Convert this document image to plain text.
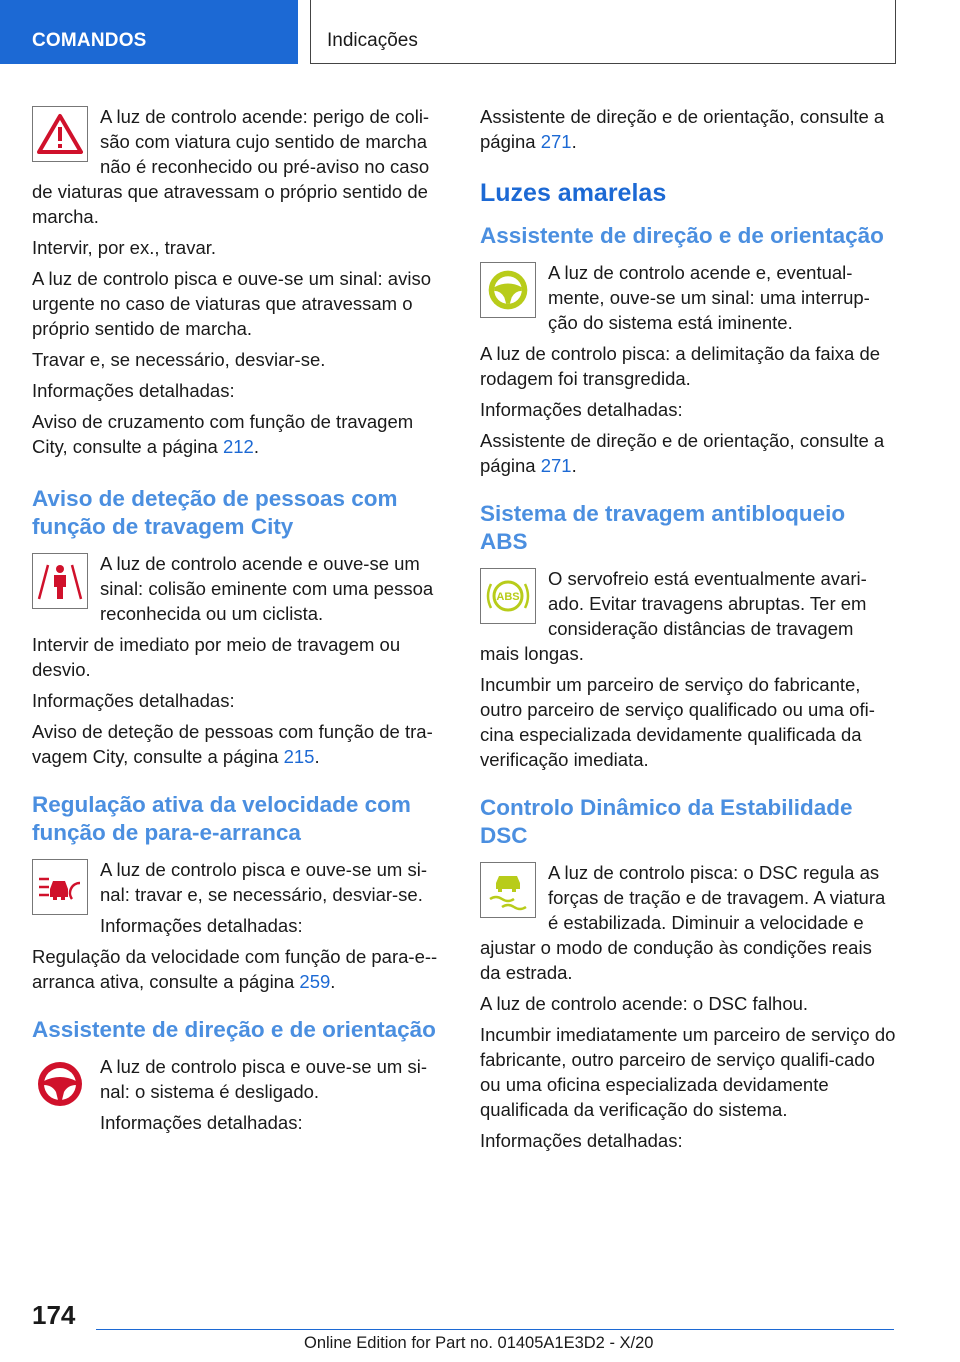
COMANDOS	Indicações

A luz de controlo acende: perigo de coli-são com viatura cujo sentido de marcha não é reconhecido ou pré-aviso no caso de viaturas que atravessam o próprio sentido de marcha.

Intervir, por ex., travar.

A luz de controlo pisca e ouve-se um sinal: aviso urgente no caso de viaturas que atravessam o próprio sentido de marcha.

Travar e, se necessário, desviar-se.

Informações detalhadas:

Aviso de cruzamento com função de travagem City, consulte a página 212.

Aviso de deteção de pessoas com função de travagem City

A luz de controlo acende e ouve-se um sinal: colisão eminente com uma pessoa reconhecida ou um ciclista.

Intervir de imediato por meio de travagem ou desvio.

Informações detalhadas:

Aviso de deteção de pessoas com função de tra-vagem City, consulte a página 215.

Regulação ativa da velocidade com função de para-e-arranca

A luz de controlo pisca e ouve-se um si-nal: travar e, se necessário, desviar-se.

Informações detalhadas:

Regulação da velocidade com função de para-e--arranca ativa, consulte a página 259.

Assistente de direção e de orientação

A luz de controlo pisca e ouve-se um si-nal: o sistema é desligado.

Informações detalhadas:

Assistente de direção e de orientação, consulte a página 271.

Luzes amarelas
Assistente de direção e de orientação

A luz de controlo acende e, eventual-mente, ouve-se um sinal: uma interrup-ção do sistema está iminente.

A luz de controlo pisca: a delimitação da faixa de rodagem foi transgredida.

Informações detalhadas:

Assistente de direção e de orientação, consulte a página 271.

Sistema de travagem antibloqueio ABS
ABS

O servofreio está eventualmente avari-ado. Evitar travagens abruptas. Ter em consideração distâncias de travagem mais longas.

Incumbir um parceiro de serviço do fabricante, outro parceiro de serviço qualificado ou uma ofi-cina especializada devidamente qualificada da verificação imediata.

Controlo Dinâmico da Estabilidade DSC

A luz de controlo pisca: o DSC regula as forças de tração e de travagem. A viatura é estabilizada. Diminuir a velocidade e ajustar o modo de condução às condições reais da estrada.

A luz de controlo acende: o DSC falhou.

Incumbir imediatamente um parceiro de serviço do fabricante, outro parceiro de serviço qualifi-cado ou uma oficina especializada devidamente qualificada da verificação do sistema.

Informações detalhadas:

174
Online Edition for Part no. 01405A1E3D2 - X/20
